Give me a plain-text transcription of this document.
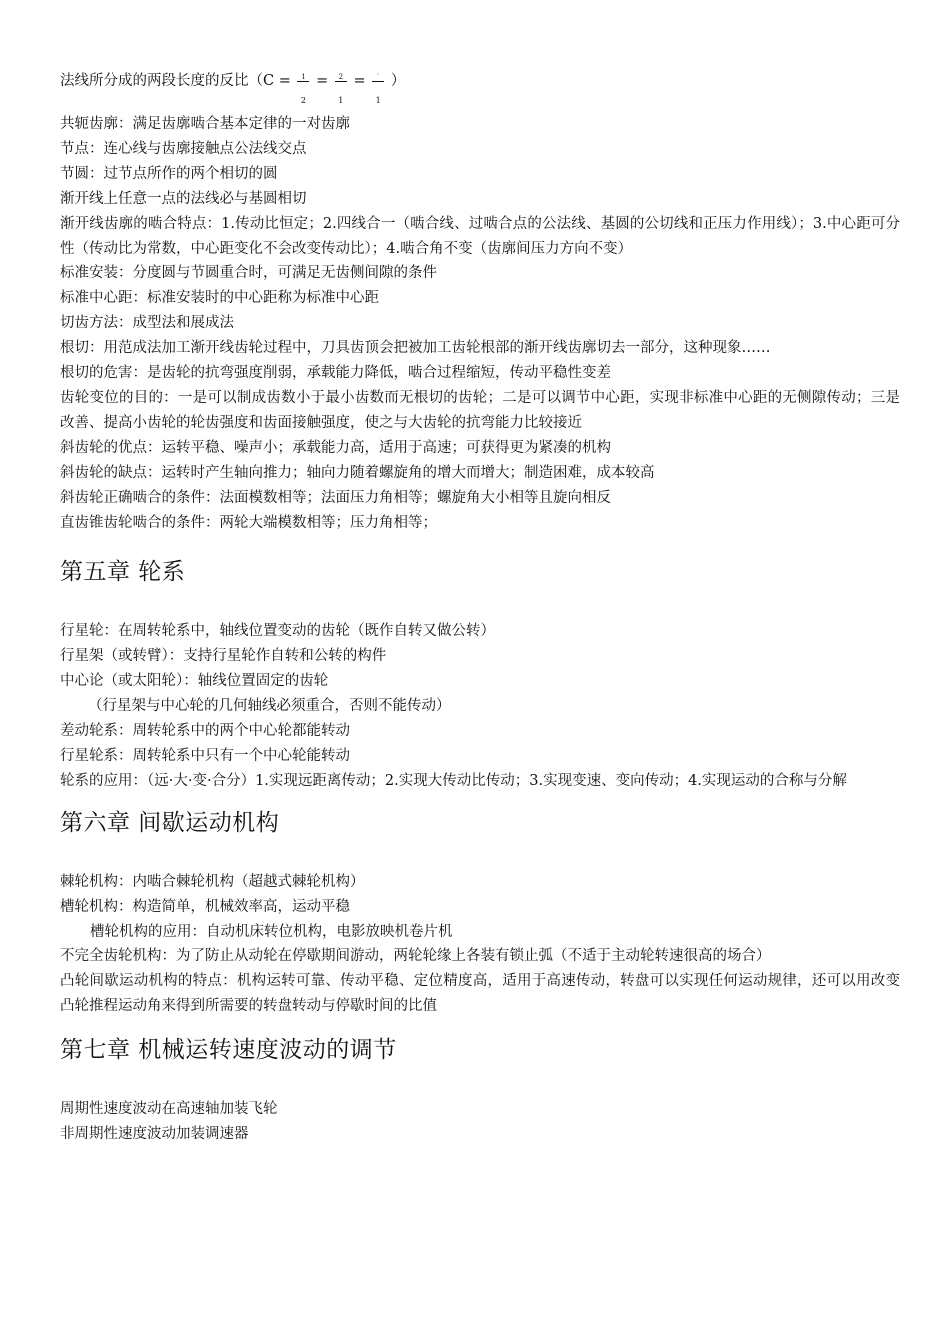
法线所分成的两段长度的反比（$C = \frac{1}{2} = \frac{2}{1} = \frac{'}{1}$ ）
共轭齿廓：满足齿廓啮合基本定律的一对齿廓
节点：连心线与齿廓接触点公法线交点
节圆：过节点所作的两个相切的圆
渐开线上任意一点的法线必与基圆相切
渐开线齿廓的啮合特点：1.传动比恒定；2.四线合一（啮合线、过啮合点的公法线、基圆的公切线和正压力作用线）；3.中心距可分性（传动比为常数，中心距变化不会改变传动比）；4.啮合角不变（齿廓间压力方向不变）
标准安装：分度圆与节圆重合时，可满足无齿侧间隙的条件
标准中心距：标准安装时的中心距称为标准中心距
切齿方法：成型法和展成法
根切：用范成法加工渐开线齿轮过程中，刀具齿顶会把被加工齿轮根部的渐开线齿廓切去一部分，这种现象……
根切的危害：是齿轮的抗弯强度削弱，承载能力降低，啮合过程缩短，传动平稳性变差
齿轮变位的目的：一是可以制成齿数小于最小齿数而无根切的齿轮；二是可以调节中心距，实现非标准中心距的无侧隙传动；三是改善、提高小齿轮的轮齿强度和齿面接触强度，使之与大齿轮的抗弯能力比较接近
斜齿轮的优点：运转平稳、噪声小；承载能力高，适用于高速；可获得更为紧凑的机构
斜齿轮的缺点：运转时产生轴向推力；轴向力随着螺旋角的增大而增大；制造困难，成本较高
斜齿轮正确啮合的条件：法面模数相等；法面压力角相等；螺旋角大小相等且旋向相反
直齿锥齿轮啮合的条件：两轮大端模数相等；压力角相等；
第五章 轮系
行星轮：在周转轮系中，轴线位置变动的齿轮（既作自转又做公转）
行星架（或转臂）：支持行星轮作自转和公转的构件
中心论（或太阳轮）：轴线位置固定的齿轮
（行星架与中心轮的几何轴线必须重合，否则不能传动）
差动轮系：周转轮系中的两个中心轮都能转动
行星轮系：周转轮系中只有一个中心轮能转动
轮系的应用：（远·大·变·合分）1.实现远距离传动；2.实现大传动比传动；3.实现变速、变向传动；4.实现运动的合称与分解
第六章 间歇运动机构
棘轮机构：内啮合棘轮机构（超越式棘轮机构）
槽轮机构：构造简单，机械效率高，运动平稳
槽轮机构的应用：自动机床转位机构，电影放映机卷片机
不完全齿轮机构：为了防止从动轮在停歇期间游动，两轮轮缘上各装有锁止弧（不适于主动轮转速很高的场合）
凸轮间歇运动机构的特点：机构运转可靠、传动平稳、定位精度高，适用于高速传动，转盘可以实现任何运动规律，还可以用改变凸轮推程运动角来得到所需要的转盘转动与停歇时间的比值
第七章 机械运转速度波动的调节
周期性速度波动在高速轴加装飞轮
非周期性速度波动加装调速器
